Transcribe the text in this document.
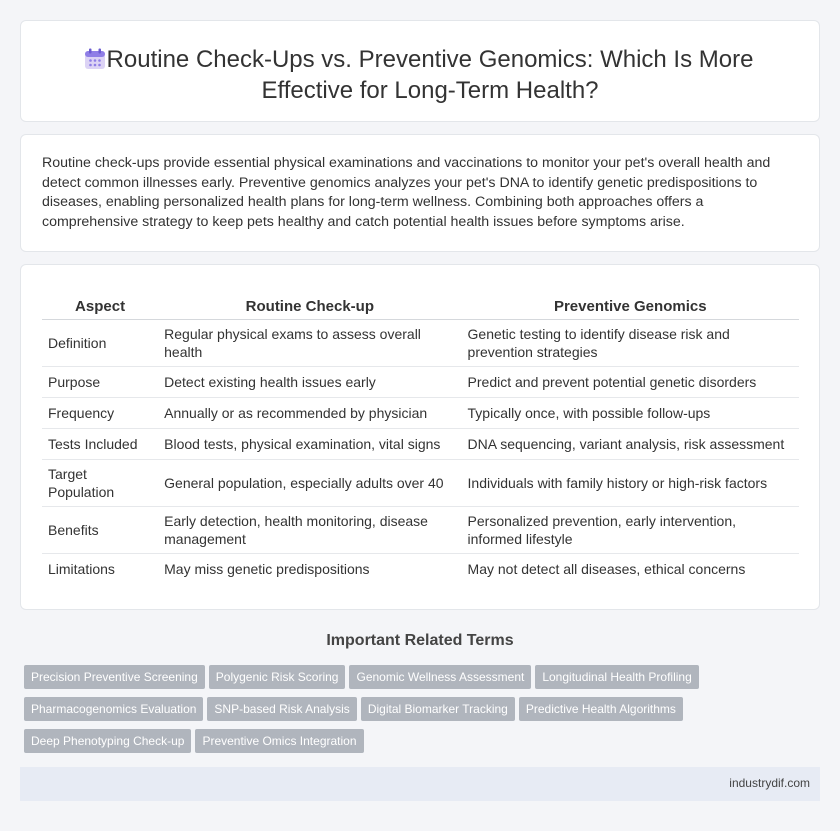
Routine Check-Ups vs. Preventive Genomics: Which Is More Effective for Long-Term Health?

Routine check-ups provide essential physical examinations and vaccinations to monitor your pet's overall health and detect common illnesses early. Preventive genomics analyzes your pet's DNA to identify genetic predispositions to diseases, enabling personalized health plans for long-term wellness. Combining both approaches offers a comprehensive strategy to keep pets healthy and catch potential health issues before symptoms arise.

Aspect	Routine Check-up	Preventive Genomics
Definition	Regular physical exams to assess overall health	Genetic testing to identify disease risk and prevention strategies
Purpose	Detect existing health issues early	Predict and prevent potential genetic disorders
Frequency	Annually or as recommended by physician	Typically once, with possible follow-ups
Tests Included	Blood tests, physical examination, vital signs	DNA sequencing, variant analysis, risk assessment
Target Population	General population, especially adults over 40	Individuals with family history or high-risk factors
Benefits	Early detection, health monitoring, disease management	Personalized prevention, early intervention, informed lifestyle
Limitations	May miss genetic predispositions	May not detect all diseases, ethical concerns
Important Related Terms
Precision Preventive Screening Polygenic Risk Scoring Genomic Wellness Assessment Longitudinal Health Profiling
Pharmacogenomics Evaluation SNP-based Risk Analysis Digital Biomarker Tracking Predictive Health Algorithms
Deep Phenotyping Check-up Preventive Omics Integration
industrydif.com
